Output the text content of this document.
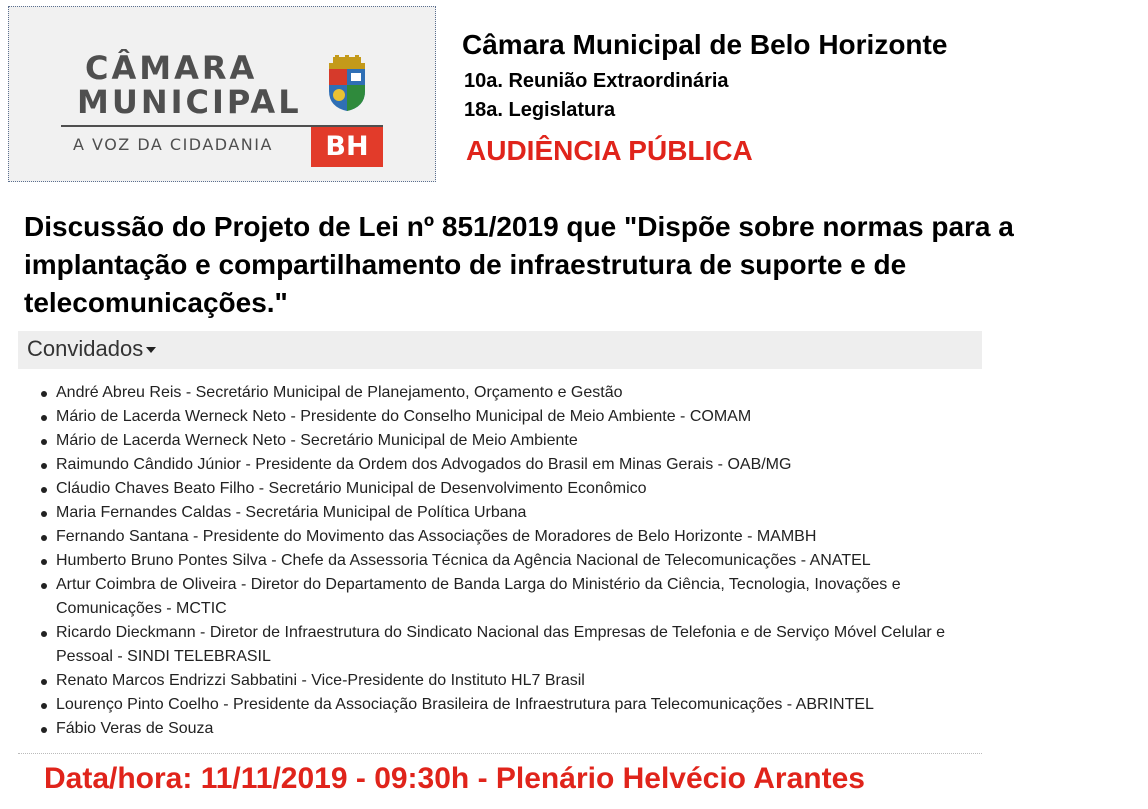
CÂMARA
MUNICIPAL
A VOZ DA CIDADANIA	BH
Câmara Municipal de Belo Horizonte
10a. Reunião Extraordinária
18a. Legislatura
AUDIÊNCIA PÚBLICA
Discussão do Projeto de Lei nº 851/2019 que "Dispõe sobre normas para a implantação e compartilhamento de infraestrutura de suporte e de telecomunicações."
Convidados
André Abreu Reis - Secretário Municipal de Planejamento, Orçamento e Gestão
Mário de Lacerda Werneck Neto - Presidente do Conselho Municipal de Meio Ambiente - COMAM
Mário de Lacerda Werneck Neto - Secretário Municipal de Meio Ambiente
Raimundo Cândido Júnior - Presidente da Ordem dos Advogados do Brasil em Minas Gerais - OAB/MG
Cláudio Chaves Beato Filho - Secretário Municipal de Desenvolvimento Econômico
Maria Fernandes Caldas - Secretária Municipal de Política Urbana
Fernando Santana - Presidente do Movimento das Associações de Moradores de Belo Horizonte - MAMBH
Humberto Bruno Pontes Silva - Chefe da Assessoria Técnica da Agência Nacional de Telecomunicações - ANATEL
Artur Coimbra de Oliveira - Diretor do Departamento de Banda Larga do Ministério da Ciência, Tecnologia, Inovações e Comunicações - MCTIC
Ricardo Dieckmann - Diretor de Infraestrutura do Sindicato Nacional das Empresas de Telefonia e de Serviço Móvel Celular e Pessoal - SINDI TELEBRASIL
Renato Marcos Endrizzi Sabbatini - Vice-Presidente do Instituto HL7 Brasil
Lourenço Pinto Coelho - Presidente da Associação Brasileira de Infraestrutura para Telecomunicações - ABRINTEL
Fábio Veras de Souza
Data/hora: 11/11/2019 - 09:30h - Plenário Helvécio Arantes
